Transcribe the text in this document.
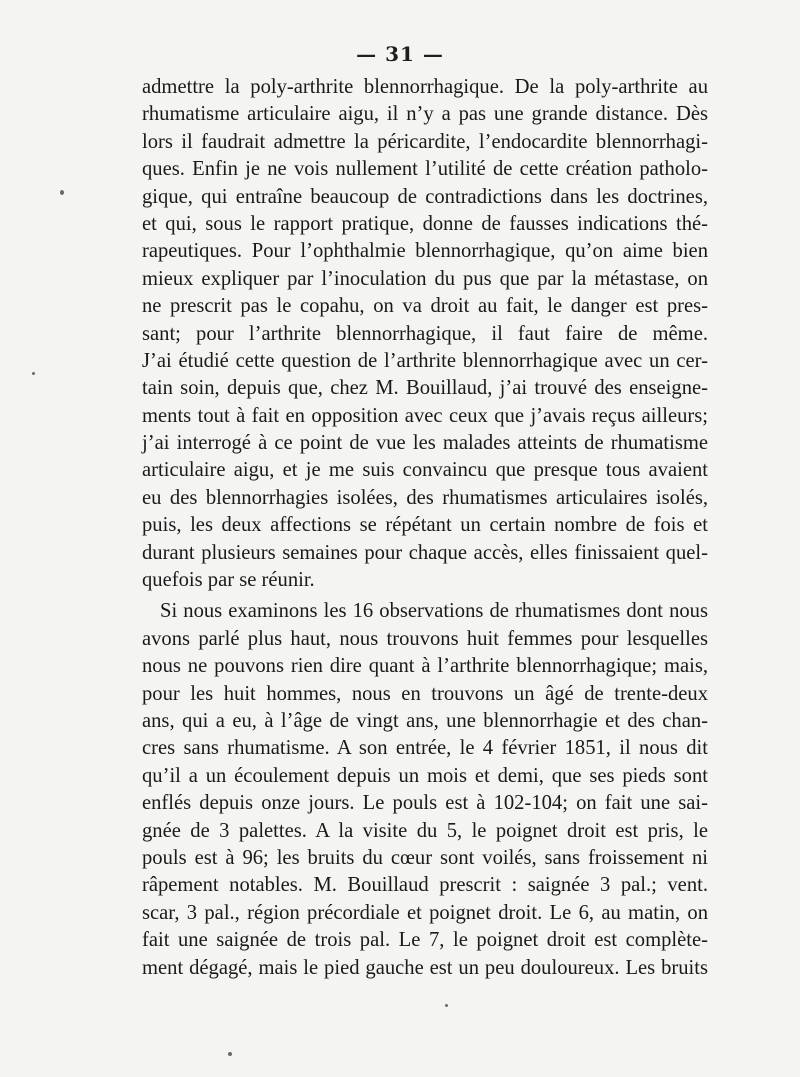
— 31 —
admettre la poly-arthrite blennorrhagique. De la poly-arthrite au
rhumatisme articulaire aigu, il n’y a pas une grande distance. Dès
lors il faudrait admettre la péricardite, l’endocardite blennorrhagi-
ques. Enfin je ne vois nullement l’utilité de cette création patholo-
gique, qui entraîne beaucoup de contradictions dans les doctrines,
et qui, sous le rapport pratique, donne de fausses indications thé-
rapeutiques. Pour l’ophthalmie blennorrhagique, qu’on aime bien
mieux expliquer par l’inoculation du pus que par la métastase, on
ne prescrit pas le copahu, on va droit au fait, le danger est pres-
sant; pour l’arthrite blennorrhagique, il faut faire de même.
J’ai étudié cette question de l’arthrite blennorrhagique avec un cer-
tain soin, depuis que, chez M. Bouillaud, j’ai trouvé des enseigne-
ments tout à fait en opposition avec ceux que j’avais reçus ailleurs;
j’ai interrogé à ce point de vue les malades atteints de rhumatisme
articulaire aigu, et je me suis convaincu que presque tous avaient
eu des blennorrhagies isolées, des rhumatismes articulaires isolés,
puis, les deux affections se répétant un certain nombre de fois et
durant plusieurs semaines pour chaque accès, elles finissaient quel-
quefois par se réunir.
Si nous examinons les 16 observations de rhumatismes dont nous
avons parlé plus haut, nous trouvons huit femmes pour lesquelles
nous ne pouvons rien dire quant à l’arthrite blennorrhagique; mais,
pour les huit hommes, nous en trouvons un âgé de trente-deux
ans, qui a eu, à l’âge de vingt ans, une blennorrhagie et des chan-
cres sans rhumatisme. A son entrée, le 4 février 1851, il nous dit
qu’il a un écoulement depuis un mois et demi, que ses pieds sont
enflés depuis onze jours. Le pouls est à 102-104; on fait une sai-
gnée de 3 palettes. A la visite du 5, le poignet droit est pris, le
pouls est à 96; les bruits du cœur sont voilés, sans froissement ni
râpement notables. M. Bouillaud prescrit : saignée 3 pal.; vent.
scar, 3 pal., région précordiale et poignet droit. Le 6, au matin, on
fait une saignée de trois pal. Le 7, le poignet droit est complète-
ment dégagé, mais le pied gauche est un peu douloureux. Les bruits
